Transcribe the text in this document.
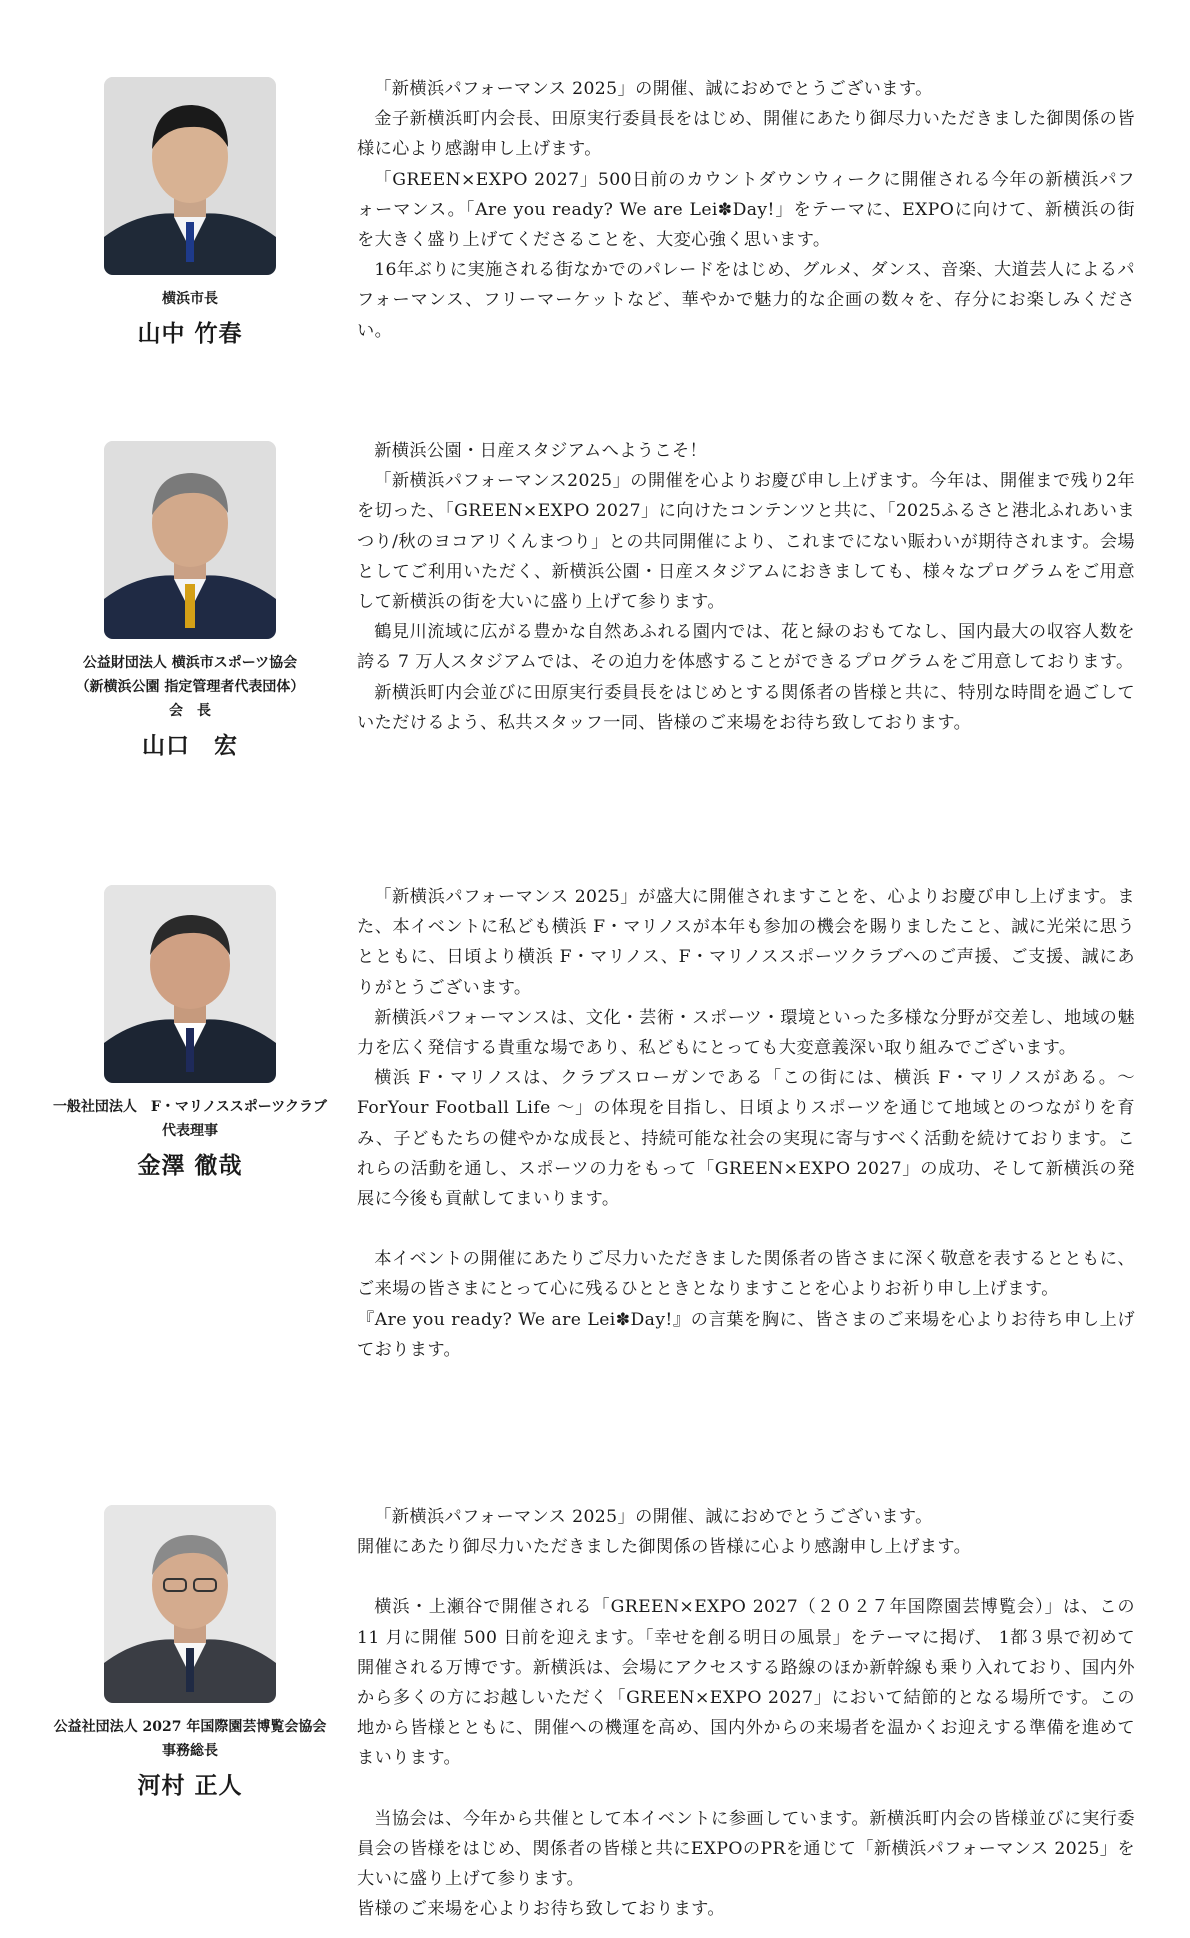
横浜市長
山中 竹春

「新横浜パフォーマンス 2025」の開催、誠におめでとうございます。

金子新横浜町内会長、田原実行委員長をはじめ、開催にあたり御尽力いただきました御関係の皆様に心より感謝申し上げます。

「GREEN×EXPO 2027」500日前のカウントダウンウィークに開催される今年の新横浜パフォーマンス。「Are you ready? We are Lei✽Day!」をテーマに、EXPOに向けて、新横浜の街を大きく盛り上げてくださることを、大変心強く思います。

16年ぶりに実施される街なかでのパレードをはじめ、グルメ、ダンス、音楽、大道芸人によるパフォーマンス、フリーマーケットなど、華やかで魅力的な企画の数々を、存分にお楽しみください。

公益財団法人 横浜市スポーツ協会
（新横浜公園 指定管理者代表団体）
会　長
山口　宏

新横浜公園・日産スタジアムへようこそ！

「新横浜パフォーマンス2025」の開催を心よりお慶び申し上げます。今年は、開催まで残り2年を切った、「GREEN×EXPO 2027」に向けたコンテンツと共に、「2025ふるさと港北ふれあいまつり/秋のヨコアリくんまつり」との共同開催により、これまでにない賑わいが期待されます。会場としてご利用いただく、新横浜公園・日産スタジアムにおきましても、様々なプログラムをご用意して新横浜の街を大いに盛り上げて参ります。

鶴見川流域に広がる豊かな自然あふれる園内では、花と緑のおもてなし、国内最大の収容人数を誇る 7 万人スタジアムでは、その迫力を体感することができるプログラムをご用意しております。

新横浜町内会並びに田原実行委員長をはじめとする関係者の皆様と共に、特別な時間を過ごしていただけるよう、私共スタッフ一同、皆様のご来場をお待ち致しております。

一般社団法人　F・マリノススポーツクラブ
代表理事
金澤 徹哉

「新横浜パフォーマンス 2025」が盛大に開催されますことを、心よりお慶び申し上げます。また、本イベントに私ども横浜 F・マリノスが本年も参加の機会を賜りましたこと、誠に光栄に思うとともに、日頃より横浜 F・マリノス、F・マリノススポーツクラブへのご声援、ご支援、誠にありがとうございます。

新横浜パフォーマンスは、文化・芸術・スポーツ・環境といった多様な分野が交差し、地域の魅力を広く発信する貴重な場であり、私どもにとっても大変意義深い取り組みでございます。

横浜 F・マリノスは、クラブスローガンである「この街には、横浜 F・マリノスがある。〜 ForYour Football Life 〜」の体現を目指し、日頃よりスポーツを通じて地域とのつながりを育み、子どもたちの健やかな成長と、持続可能な社会の実現に寄与すべく活動を続けております。これらの活動を通し、スポーツの力をもって「GREEN×EXPO 2027」の成功、そして新横浜の発展に今後も貢献してまいります。

本イベントの開催にあたりご尽力いただきました関係者の皆さまに深く敬意を表するとともに、ご来場の皆さまにとって心に残るひとときとなりますことを心よりお祈り申し上げます。

『Are you ready? We are Lei✽Day!』の言葉を胸に、皆さまのご来場を心よりお待ち申し上げております。

公益社団法人 2027 年国際園芸博覧会協会
事務総長
河村 正人

「新横浜パフォーマンス 2025」の開催、誠におめでとうございます。

開催にあたり御尽力いただきました御関係の皆様に心より感謝申し上げます。

横浜・上瀬谷で開催される「GREEN×EXPO 2027（２０２７年国際園芸博覧会）」は、この 11 月に開催 500 日前を迎えます。「幸せを創る明日の風景」をテーマに掲げ、 1都３県で初めて開催される万博です。新横浜は、会場にアクセスする路線のほか新幹線も乗り入れており、国内外から多くの方にお越しいただく「GREEN×EXPO 2027」において結節的となる場所です。この地から皆様とともに、開催への機運を高め、国内外からの来場者を温かくお迎えする準備を進めてまいります。

当協会は、今年から共催として本イベントに参画しています。新横浜町内会の皆様並びに実行委員会の皆様をはじめ、関係者の皆様と共にEXPOのPRを通じて「新横浜パフォーマンス 2025」を大いに盛り上げて参ります。

皆様のご来場を心よりお待ち致しております。
